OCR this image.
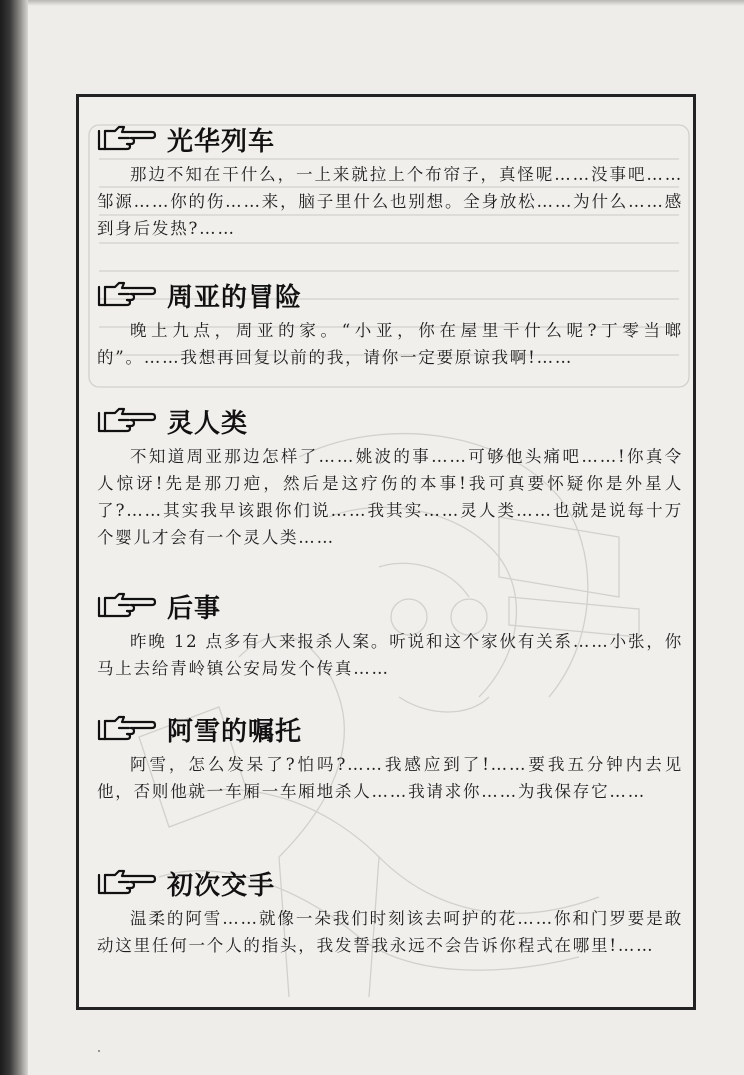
光华列车

那边不知在干什么，一上来就拉上个布帘子，真怪呢……没事吧……邹源……你的伤……来，脑子里什么也别想。全身放松……为什么……感到身后发热?……

周亚的冒险

晚上九点，周亚的家。“小亚，你在屋里干什么呢?丁零当啷的”。……我想再回复以前的我，请你一定要原谅我啊!……

灵人类

不知道周亚那边怎样了……姚波的事……可够他头痛吧……!你真令人惊讶!先是那刀疤，然后是这疗伤的本事!我可真要怀疑你是外星人了?……其实我早该跟你们说……我其实……灵人类……也就是说每十万个婴儿才会有一个灵人类……

后事

昨晚 12 点多有人来报杀人案。听说和这个家伙有关系……小张，你马上去给青岭镇公安局发个传真……

阿雪的嘱托

阿雪，怎么发呆了?怕吗?……我感应到了!……要我五分钟内去见他，否则他就一车厢一车厢地杀人……我请求你……为我保存它……

初次交手

温柔的阿雪……就像一朵我们时刻该去呵护的花……你和门罗要是敢动这里任何一个人的指头，我发誓我永远不会告诉你程式在哪里!……
